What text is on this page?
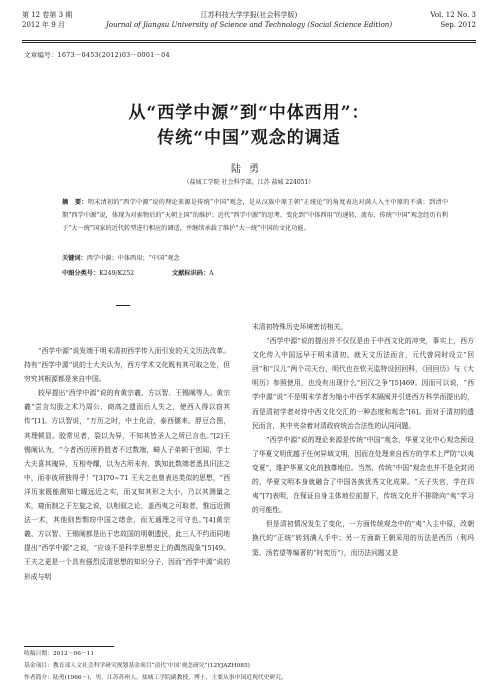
第 12 卷第 3 期
2012 年 9 月
江苏科技大学学报(社会科学版)
Journal of Jiangsu University of Science and Technology (Social Science Edition)
Vol. 12 No. 3
Sep. 2012
文章编号：1673－0453(2012)03－0001－04
从“西学中源”到“中体西用”：
传统“中国”观念的调适
陆勇
（盐城工学院 社会科学部，江苏 盐城 224051）
摘　要：明末清初的“西学中源”说的理论来源是传统“中国”观念，是从汉族中原王朝“正统论”的角度表达对满人入主中原的不满；到清中期“西学中源”说，体现为对索物后的“天朝上国”的维护；近代“西学中源”的思考、变化到“中体西用”的递转，流布，传统“中国”观念经历有利于“大一统”国家的近代转型进行相应的调适，并继续承载了维护“大一统”中国的文化功能。
关键词：西学中源；中体西用；“中国”观念
中图分类号：K249/K252	文献标识码：A

“西学中源”说发端于明末清初西学传入而引发的天文历法改革。持有“西学中源”说的士大夫认为，西方学术文化既有其可取之处，但穷究其根源都是来自中国。

较早提出“西学中源”说的有黄宗羲、方以智、王锡阐等人。黄宗羲“尝言勾股之术乃周公、商高之遗而后人失之，使西人得以窃其传”[1]。方以智说，“万历之时，中土化洽，泰西儒来。脬豆合图，其理顿显。胶常见者，裂以为异，不知其皆圣人之所已言也。”[2]王锡阐认为，“今者西历所矜胜者不过数端，畸人子弟顿于创闻，学士大夫喜其瑰异，互相夸耀，以为古所未有，孰知此数端者悉具旧法之中，而非彼所独得乎！”[3]70~71 王夫之也曾表达类似的思想，“西洋历家既能测知七曜远近之实，而又知其形之大小，乃以其测量之术，窥而制之于左旋之说，以相叙之论，盖西夷之可取者，惟远近测法一术，其他则皆剽窃中国之绪余，而无通理之可守也。”[4]黄宗羲、方以智、王锡阐都是出于忠故国的明朝遗民，此三人不约而同地提出“西学中源”之说，“应该不是科学思想史上的偶然现象”[5]49。王夫之更是一个具有强烈反清思想的知识分子，因而“西学中源”说的形成与明

末清初特殊历史环境密切相关。

“西学中源”说的提出并不仅仅是由于中西文化的冲突，事实上，西方文化传入中国远早于明末清初。就天文历法而言，元代曾同时设立“回回”和“汉儿”两个司天台，明代也在钦天监特设回回科，《回回历》与《大明历》参照使用，也没有出现什么“回汉之争”[5]469。因而可以说，“西学中源”说“不是明末学者为缩小中西学术隔阂并引进西方科学而提出的，而是清初学者对待中西文化交汇的一种态度和观念”[6]。而对于清初的遗民而言，其中夹杂着对清政府统治合法性的认同问题。

“西学中源”说的理论来源是传统“中国”观念，华夏文化中心观念预设了华夏文明优越于任何异域文明，因而在处理来自西方的学术上严防“以夷变夏”，维护华夏文化的独尊地位。当然，传统“中国”观念也并不是全封闭的，华夏文明本身就融合了中国各族优秀文化成果。“天子失官，学在四夷”[7]表明，在保证自身主体地位前提下，传统文化并不排除向“夷”学习的可能性。

但是清初情况发生了变化，一方面传统观念中的“夷”入主中原，改朝换代的“正统”转到满人手中；另一方面新王朝采用的历法是西历（利玛窦、汤若望等编著的“时宪历”），而历法问题又是

收稿日期：2012－06－11
基金项目：教育部人文社会科学研究规划基金项目“清代‘中国’观念研究”(12YJAZH085)
作者简介：陆勇(1966－)，男，江苏苏州人，盐城工学院副教授，博士，主要从事中国近现代史研究。
